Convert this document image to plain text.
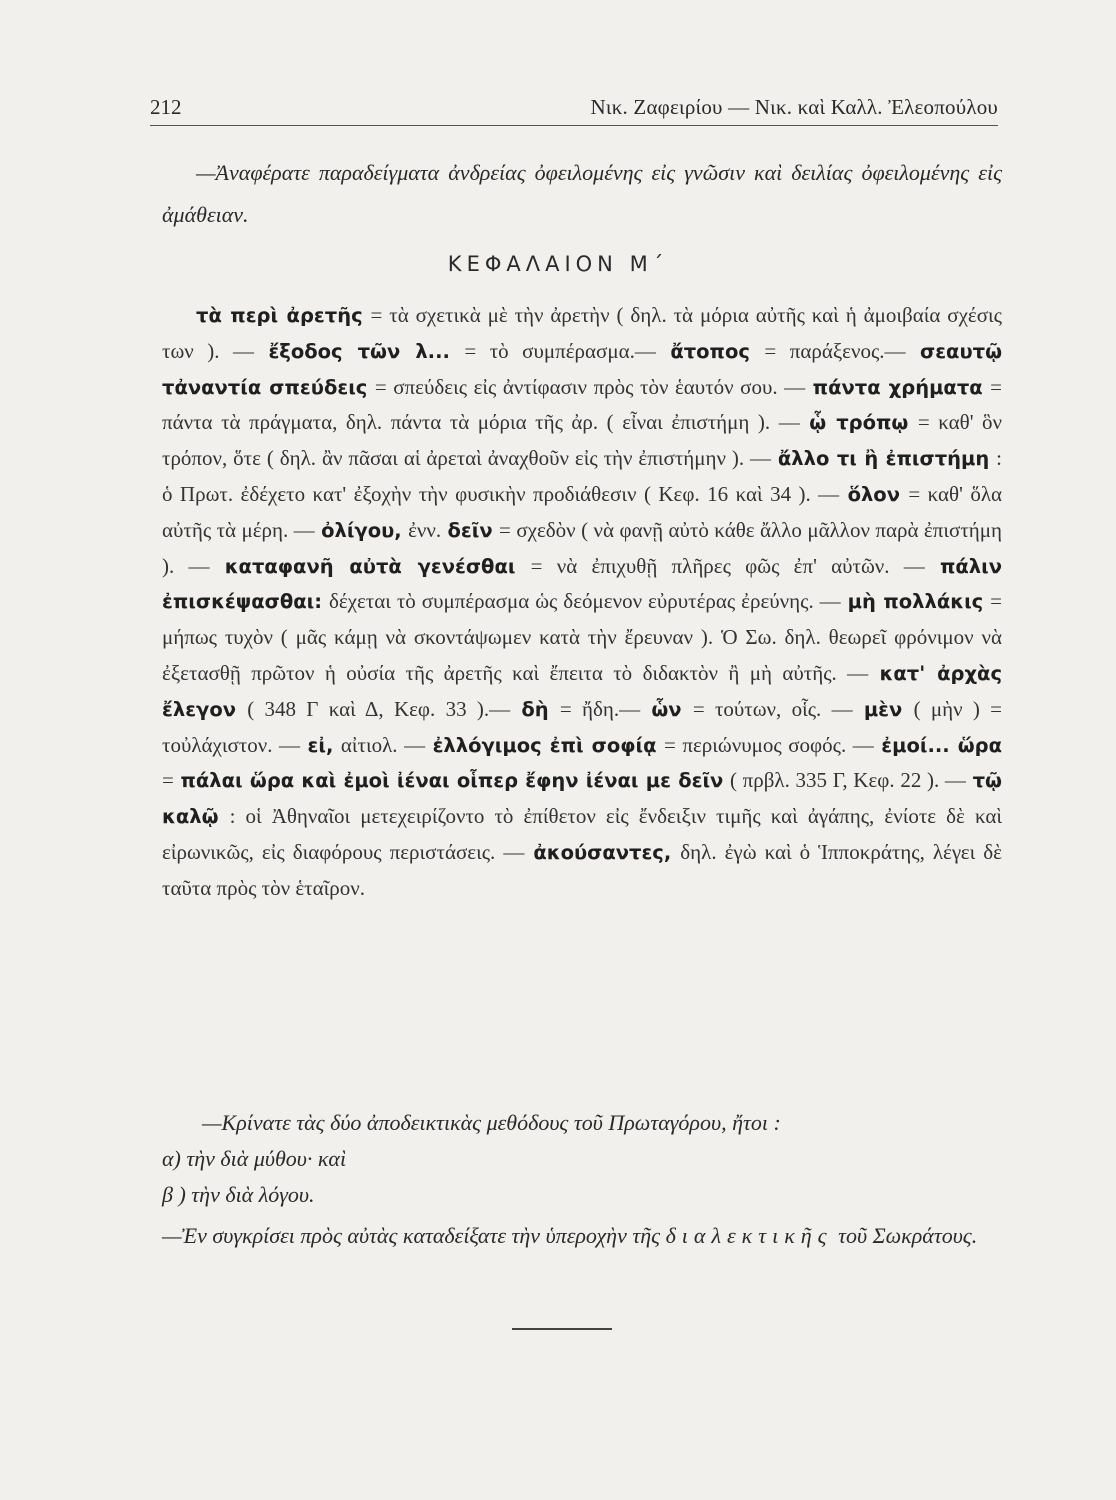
212	Νικ. Ζαφειρίου — Νικ. καὶ Καλλ. Ἐλεοπούλου

—Ἀναφέρατε παραδείγματα ἀνδρείας ὀφειλομένης εἰς γνῶσιν καὶ δειλίας ὀφειλομένης εἰς ἀμάθειαν.

ΚΕΦΑΛΑΙΟΝ Μ΄

τὰ περὶ ἀρετῆς = τὰ σχετικὰ μὲ τὴν ἀρετὴν ( δηλ. τὰ μόρια αὐτῆς καὶ ἡ ἀμοιβαία σχέσις των ). — ἔξοδος τῶν λ... = τὸ συμπέρασμα.— ἄτοπος = παράξενος.— σεαυτῷ τἀναντία σπεύδεις = σπεύδεις εἰς ἀντίφασιν πρὸς τὸν ἑαυτόν σου. — πάντα χρήματα = πάντα τὰ πράγματα, δηλ. πάντα τὰ μόρια τῆς ἀρ. ( εἶναι ἐπιστήμη ). — ᾧ τρόπῳ = καθ' ὃν τρόπον, ὅτε ( δηλ. ἂν πᾶσαι αἱ ἀρεταὶ ἀναχθοῦν εἰς τὴν ἐπιστήμην ). — ἄλλο τι ἢ ἐπιστήμη : ὁ Πρωτ. ἐδέχετο κατ' ἐξοχὴν τὴν φυσικὴν προδιάθεσιν ( Κεφ. 16 καὶ 34 ). — ὅλον = καθ' ὅλα αὐτῆς τὰ μέρη. — ὀλίγου, ἐνν. δεῖν = σχεδὸν ( νὰ φανῇ αὐτὸ κάθε ἄλλο μᾶλλον παρὰ ἐπιστήμη ). — καταφανῆ αὐτὰ γενέσθαι = νὰ ἐπιχυθῇ πλῆρες φῶς ἐπ' αὐτῶν. — πάλιν ἐπισκέψασθαι: δέχεται τὸ συμπέρασμα ὡς δεόμενον εὐρυτέρας ἐρεύνης. — μὴ πολλάκις = μήπως τυχὸν ( μᾶς κάμῃ νὰ σκοντάψωμεν κατὰ τὴν ἔρευναν ). Ὁ Σω. δηλ. θεωρεῖ φρόνιμον νὰ ἐξετασθῇ πρῶτον ἡ οὐσία τῆς ἀρετῆς καὶ ἔπειτα τὸ διδακτὸν ἢ μὴ αὐτῆς. — κατ' ἀρχὰς ἔλεγον ( 348 Γ καὶ Δ, Κεφ. 33 ).— δὴ = ἤδη.— ὧν = τούτων, οἷς. — μὲν ( μὴν ) = τοὐλάχιστον. — εἰ, αἰτιολ. — ἐλλόγιμος ἐπὶ σοφίᾳ = περιώνυμος σοφός. — ἐμοί... ὥρα = πάλαι ὥρα καὶ ἐμοὶ ἰέναι οἷπερ ἔφην ἰέναι με δεῖν ( πρβλ. 335 Γ, Κεφ. 22 ). — τῷ καλῷ : οἱ Ἀθηναῖοι μετεχειρίζοντο τὸ ἐπίθετον εἰς ἔνδειξιν τιμῆς καὶ ἀγάπης, ἐνίοτε δὲ καὶ εἰρωνικῶς, εἰς διαφόρους περιστάσεις. — ἀκούσαντες, δηλ. ἐγὼ καὶ ὁ Ἱπποκράτης, λέγει δὲ ταῦτα πρὸς τὸν ἑταῖρον.

—Κρίνατε τὰς δύο ἀποδεικτικὰς μεθόδους τοῦ Πρωταγόρου, ἤτοι :
α) τὴν διὰ μύθου· καὶ
β ) τὴν διὰ λόγου.

—Ἐν συγκρίσει πρὸς αὐτὰς καταδείξατε τὴν ὑπεροχὴν τῆς διαλεκτικῆς τοῦ Σωκράτους.
